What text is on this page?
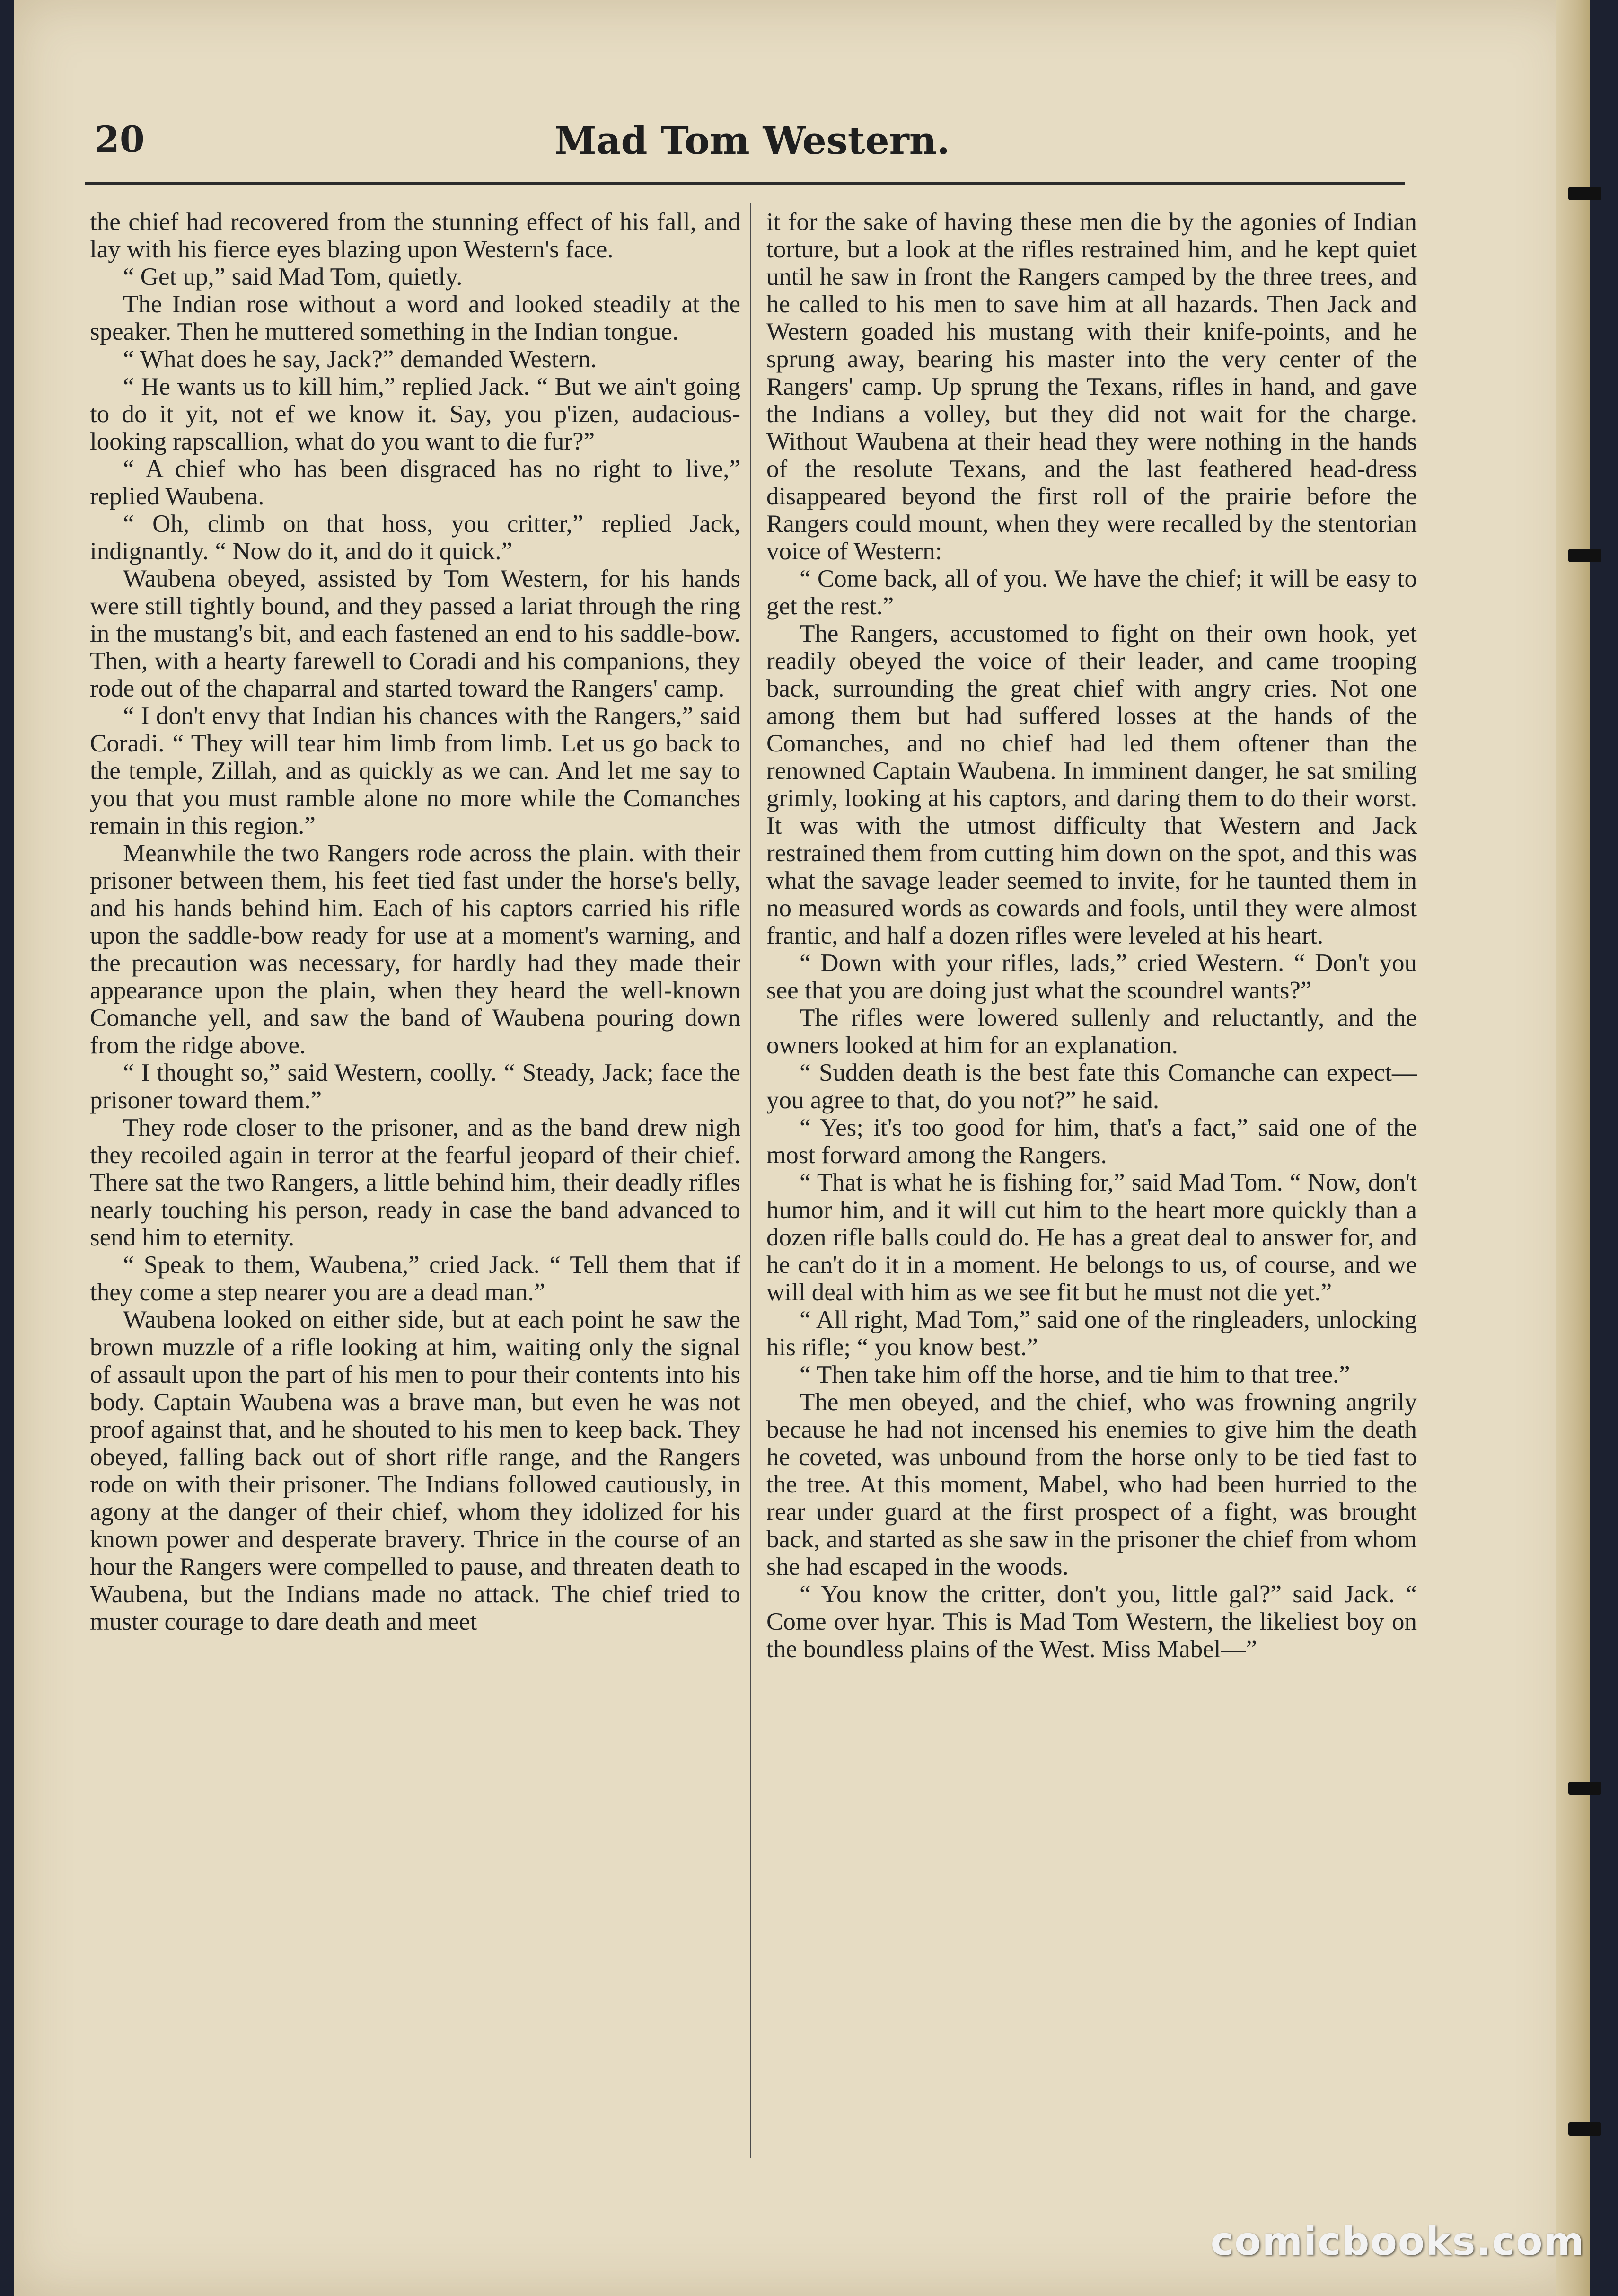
20	Mad Tom Western.

the chief had recovered from the stunning effect of his fall, and lay with his fierce eyes blazing upon Western's face.

“ Get up,” said Mad Tom, quietly.

The Indian rose without a word and looked steadily at the speaker. Then he muttered something in the Indian tongue.

“ What does he say, Jack?” demanded Western.

“ He wants us to kill him,” replied Jack. “ But we ain't going to do it yit, not ef we know it. Say, you p'izen, audacious-looking rapscallion, what do you want to die fur?”

“ A chief who has been disgraced has no right to live,” replied Waubena.

“ Oh, climb on that hoss, you critter,” replied Jack, indignantly. “ Now do it, and do it quick.”

Waubena obeyed, assisted by Tom Western, for his hands were still tightly bound, and they passed a lariat through the ring in the mustang's bit, and each fastened an end to his saddle-bow. Then, with a hearty farewell to Coradi and his companions, they rode out of the chaparral and started toward the Rangers' camp.

“ I don't envy that Indian his chances with the Rangers,” said Coradi. “ They will tear him limb from limb. Let us go back to the temple, Zillah, and as quickly as we can. And let me say to you that you must ramble alone no more while the Comanches remain in this region.”

Meanwhile the two Rangers rode across the plain. with their prisoner between them, his feet tied fast under the horse's belly, and his hands behind him. Each of his captors carried his rifle upon the saddle-bow ready for use at a moment's warning, and the precaution was necessary, for hardly had they made their appearance upon the plain, when they heard the well-known Comanche yell, and saw the band of Waubena pouring down from the ridge above.

“ I thought so,” said Western, coolly. “ Steady, Jack; face the prisoner toward them.”

They rode closer to the prisoner, and as the band drew nigh they recoiled again in terror at the fearful jeopard of their chief. There sat the two Rangers, a little behind him, their deadly rifles nearly touching his person, ready in case the band advanced to send him to eternity.

“ Speak to them, Waubena,” cried Jack. “ Tell them that if they come a step nearer you are a dead man.”

Waubena looked on either side, but at each point he saw the brown muzzle of a rifle looking at him, waiting only the signal of assault upon the part of his men to pour their contents into his body. Captain Waubena was a brave man, but even he was not proof against that, and he shouted to his men to keep back. They obeyed, falling back out of short rifle range, and the Rangers rode on with their prisoner. The Indians followed cautiously, in agony at the danger of their chief, whom they idolized for his known power and desperate bravery. Thrice in the course of an hour the Rangers were compelled to pause, and threaten death to Waubena, but the Indians made no attack. The chief tried to muster courage to dare death and meet

it for the sake of having these men die by the agonies of Indian torture, but a look at the rifles restrained him, and he kept quiet until he saw in front the Rangers camped by the three trees, and he called to his men to save him at all hazards. Then Jack and Western goaded his mustang with their knife-points, and he sprung away, bearing his master into the very center of the Rangers' camp. Up sprung the Texans, rifles in hand, and gave the Indians a volley, but they did not wait for the charge. Without Waubena at their head they were nothing in the hands of the resolute Texans, and the last feathered head-dress disappeared beyond the first roll of the prairie before the Rangers could mount, when they were recalled by the stentorian voice of Western:

“ Come back, all of you. We have the chief; it will be easy to get the rest.”

The Rangers, accustomed to fight on their own hook, yet readily obeyed the voice of their leader, and came trooping back, surrounding the great chief with angry cries. Not one among them but had suffered losses at the hands of the Comanches, and no chief had led them oftener than the renowned Captain Waubena. In imminent danger, he sat smiling grimly, looking at his captors, and daring them to do their worst. It was with the utmost difficulty that Western and Jack restrained them from cutting him down on the spot, and this was what the savage leader seemed to invite, for he taunted them in no measured words as cowards and fools, until they were almost frantic, and half a dozen rifles were leveled at his heart.

“ Down with your rifles, lads,” cried Western. “ Don't you see that you are doing just what the scoundrel wants?”

The rifles were lowered sullenly and reluctantly, and the owners looked at him for an explanation.

“ Sudden death is the best fate this Comanche can expect—you agree to that, do you not?” he said.

“ Yes; it's too good for him, that's a fact,” said one of the most forward among the Rangers.

“ That is what he is fishing for,” said Mad Tom. “ Now, don't humor him, and it will cut him to the heart more quickly than a dozen rifle balls could do. He has a great deal to answer for, and he can't do it in a moment. He belongs to us, of course, and we will deal with him as we see fit but he must not die yet.”

“ All right, Mad Tom,” said one of the ringleaders, unlocking his rifle; “ you know best.”

“ Then take him off the horse, and tie him to that tree.”

The men obeyed, and the chief, who was frowning angrily because he had not incensed his enemies to give him the death he coveted, was unbound from the horse only to be tied fast to the tree. At this moment, Mabel, who had been hurried to the rear under guard at the first prospect of a fight, was brought back, and started as she saw in the prisoner the chief from whom she had escaped in the woods.

“ You know the critter, don't you, little gal?” said Jack. “ Come over hyar. This is Mad Tom Western, the likeliest boy on the boundless plains of the West. Miss Mabel—”

comicbooks.com
